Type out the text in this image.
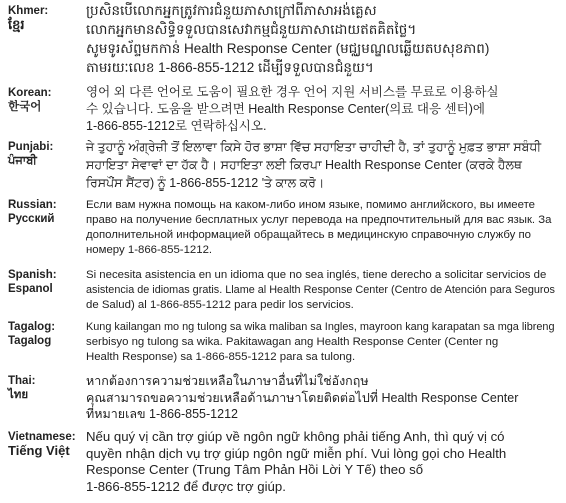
Khmer:
ខ្មែរ
ប្រសិនបើលោកអ្នកត្រូវការជំនួយភាសាក្រៅពីភាសាអង់គ្លេស
លោកអ្នកមានសិទ្ធិទទួលបានសេវាកម្មជំនួយភាសាដោយឥតគិតថ្លៃ។
សូមទូរស័ព្ទមកកាន់ Health Response Center (មជ្ឈមណ្ឌលឆ្លើយតបសុខភាព)
តាមរយៈលេខ 1-866-855-1212 ដើម្បីទទួលបានជំនួយ។
Korean:
한국어
영어 외 다른 언어로 도움이 필요한 경우 언어 지원 서비스를 무료로 이용하실
수 있습니다. 도움을 받으려면 Health Response Center(의료 대응 센터)에
1-866-855-1212로 연락하십시오.
Punjabi:
ਪੰਜਾਬੀ
ਜੇ ਤੁਹਾਨੂੰ ਅੰਗ੍ਰੇਜ਼ੀ ਤੋਂ ਇਲਾਵਾ ਕਿਸੇ ਹੋਰ ਭਾਸ਼ਾ ਵਿੱਚ ਸਹਾਇਤਾ ਚਾਹੀਦੀ ਹੈ, ਤਾਂ ਤੁਹਾਨੂੰ ਮੁਫ਼ਤ ਭਾਸ਼ਾ ਸਬੰਧੀ
ਸਹਾਇਤਾ ਸੇਵਾਵਾਂ ਦਾ ਹੱਕ ਹੈ। ਸਹਾਇਤਾ ਲਈ ਕਿਰਪਾ Health Response Center (ਕਰਕੇ ਹੈਲਥ
ਰਿਸਪੌਂਸ ਸੈਂਟਰ) ਨੂੰ 1-866-855-1212 'ਤੇ ਕਾਲ ਕਰੋ।
Russian:
Русский
Если вам нужна помощь на каком-либо ином языке, помимо английского, вы имеете
право на получение бесплатных услуг перевода на предпочтительный для вас язык. За
дополнительной информацией обращайтесь в медицинскую справочную службу по
номеру 1-866-855-1212.
Spanish:
Espanol
Si necesita asistencia en un idioma que no sea inglés, tiene derecho a solicitar servicios de
asistencia de idiomas gratis. Llame al Health Response Center (Centro de Atención para Seguros
de Salud) al 1-866-855-1212 para pedir los servicios.
Tagalog:
Tagalog
Kung kailangan mo ng tulong sa wika maliban sa Ingles, mayroon kang karapatan sa mga libreng
serbisyo ng tulong sa wika. Pakitawagan ang Health Response Center (Center ng
Health Response) sa 1-866-855-1212 para sa tulong.
Thai:
ไทย
หากต้องการความช่วยเหลือในภาษาอื่นที่ไม่ใช่อังกฤษ
คุณสามารถขอความช่วยเหลือด้านภาษาโดยติดต่อไปที่ Health Response Center
ที่หมายเลข 1-866-855-1212
Vietnamese:
Tiếng Việt
Nếu quý vị cần trợ giúp về ngôn ngữ không phải tiếng Anh, thì quý vị có
quyền nhận dịch vụ trợ giúp ngôn ngữ miễn phí. Vui lòng gọi cho Health
Response Center (Trung Tâm Phản Hồi Lời Y Tế) theo số
1-866-855-1212 để được trợ giúp.
